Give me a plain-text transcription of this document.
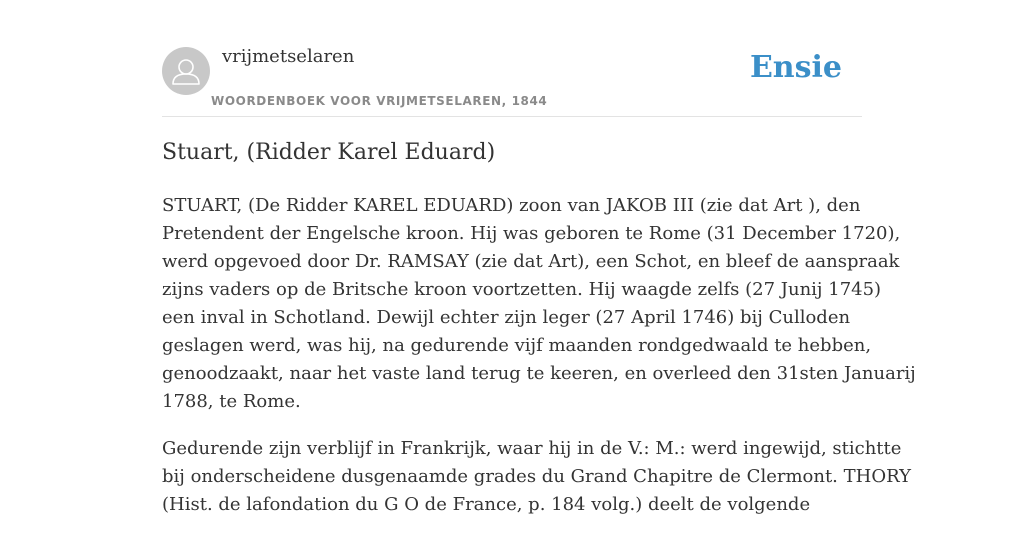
vrijmetselaren
WOORDENBOEK VOOR VRIJMETSELAREN, 1844
Ensie
Stuart, (Ridder Karel Eduard)

STUART, (De Ridder KAREL EDUARD) zoon van JAKOB III (zie dat Art ), den
Pretendent der Engelsche kroon. Hij was geboren te Rome (31 December 1720),
werd opgevoed door Dr. RAMSAY (zie dat Art), een Schot, en bleef de aanspraak
zijns vaders op de Britsche kroon voortzetten. Hij waagde zelfs (27 Junij 1745)
een inval in Schotland. Dewijl echter zijn leger (27 April 1746) bij Culloden
geslagen werd, was hij, na gedurende vijf maanden rondgedwaald te hebben,
genoodzaakt, naar het vaste land terug te keeren, en overleed den 31sten Januarij
1788, te Rome.

Gedurende zijn verblijf in Frankrijk, waar hij in de V.: M.: werd ingewijd, stichtte
bij onderscheidene dusgenaamde grades du Grand Chapitre de Clermont. THORY
(Hist. de lafondation du G O de France, p. 184 volg.) deelt de volgende
